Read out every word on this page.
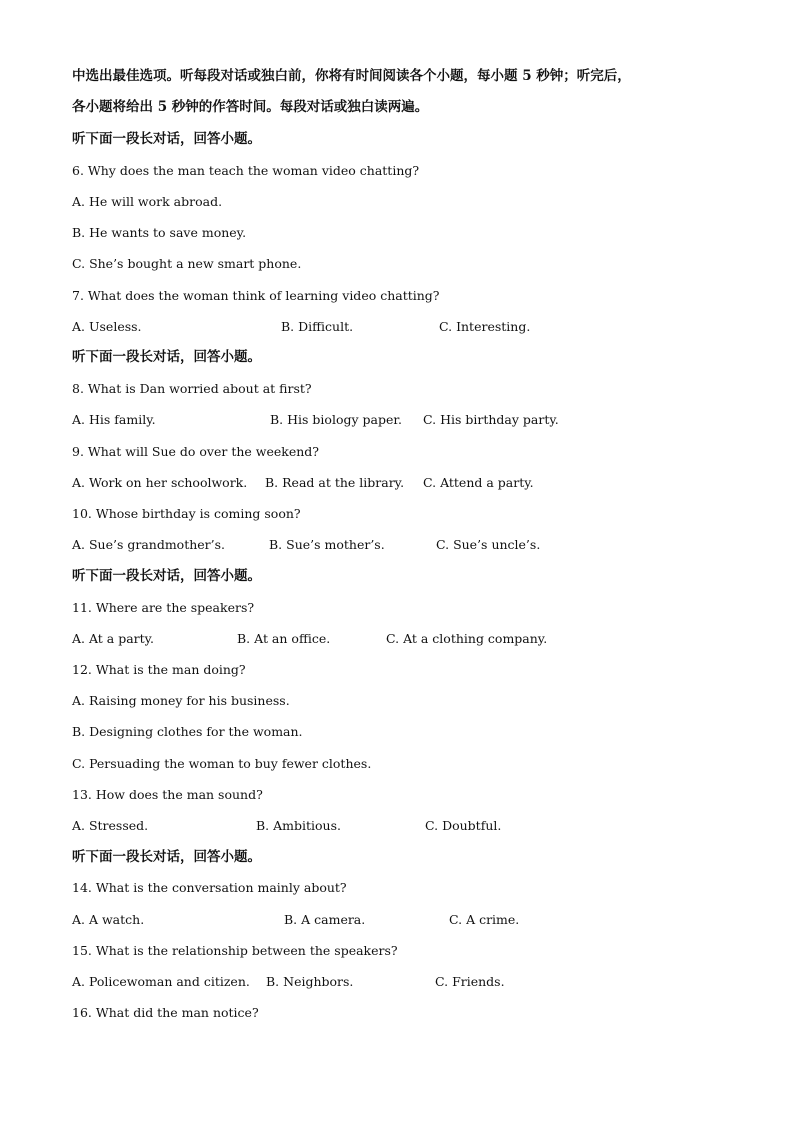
中选出最佳选项。听每段对话或独白前，你将有时间阅读各个小题，每小题 5 秒钟；听完后，
各小题将给出 5 秒钟的作答时间。每段对话或独白读两遍。
听下面一段长对话，回答小题。
6. Why does the man teach the woman video chatting?
A. He will work abroad.
B. He wants to save money.
C. She’s bought a new smart phone.
7. What does the woman think of learning video chatting?
A. Useless.	B. Difficult.	C. Interesting.
听下面一段长对话，回答小题。
8. What is Dan worried about at first?
A. His family.	B. His biology paper. C. His birthday party.
9. What will Sue do over the weekend?
A. Work on her schoolwork. B. Read at the library. C. Attend a party.
10. Whose birthday is coming soon?
A. Sue’s grandmother’s.	B. Sue’s mother’s.	C. Sue’s uncle’s.
听下面一段长对话，回答小题。
11. Where are the speakers?
A. At a party.	B. At an office.	C. At a clothing company.
12. What is the man doing?
A. Raising money for his business.
B. Designing clothes for the woman.
C. Persuading the woman to buy fewer clothes.
13. How does the man sound?
A. Stressed.	B. Ambitious.	C. Doubtful.
听下面一段长对话，回答小题。
14. What is the conversation mainly about?
A. A watch.	B. A camera.	C. A crime.
15. What is the relationship between the speakers?
A. Policewoman and citizen. B. Neighbors.	C. Friends.
16. What did the man notice?
